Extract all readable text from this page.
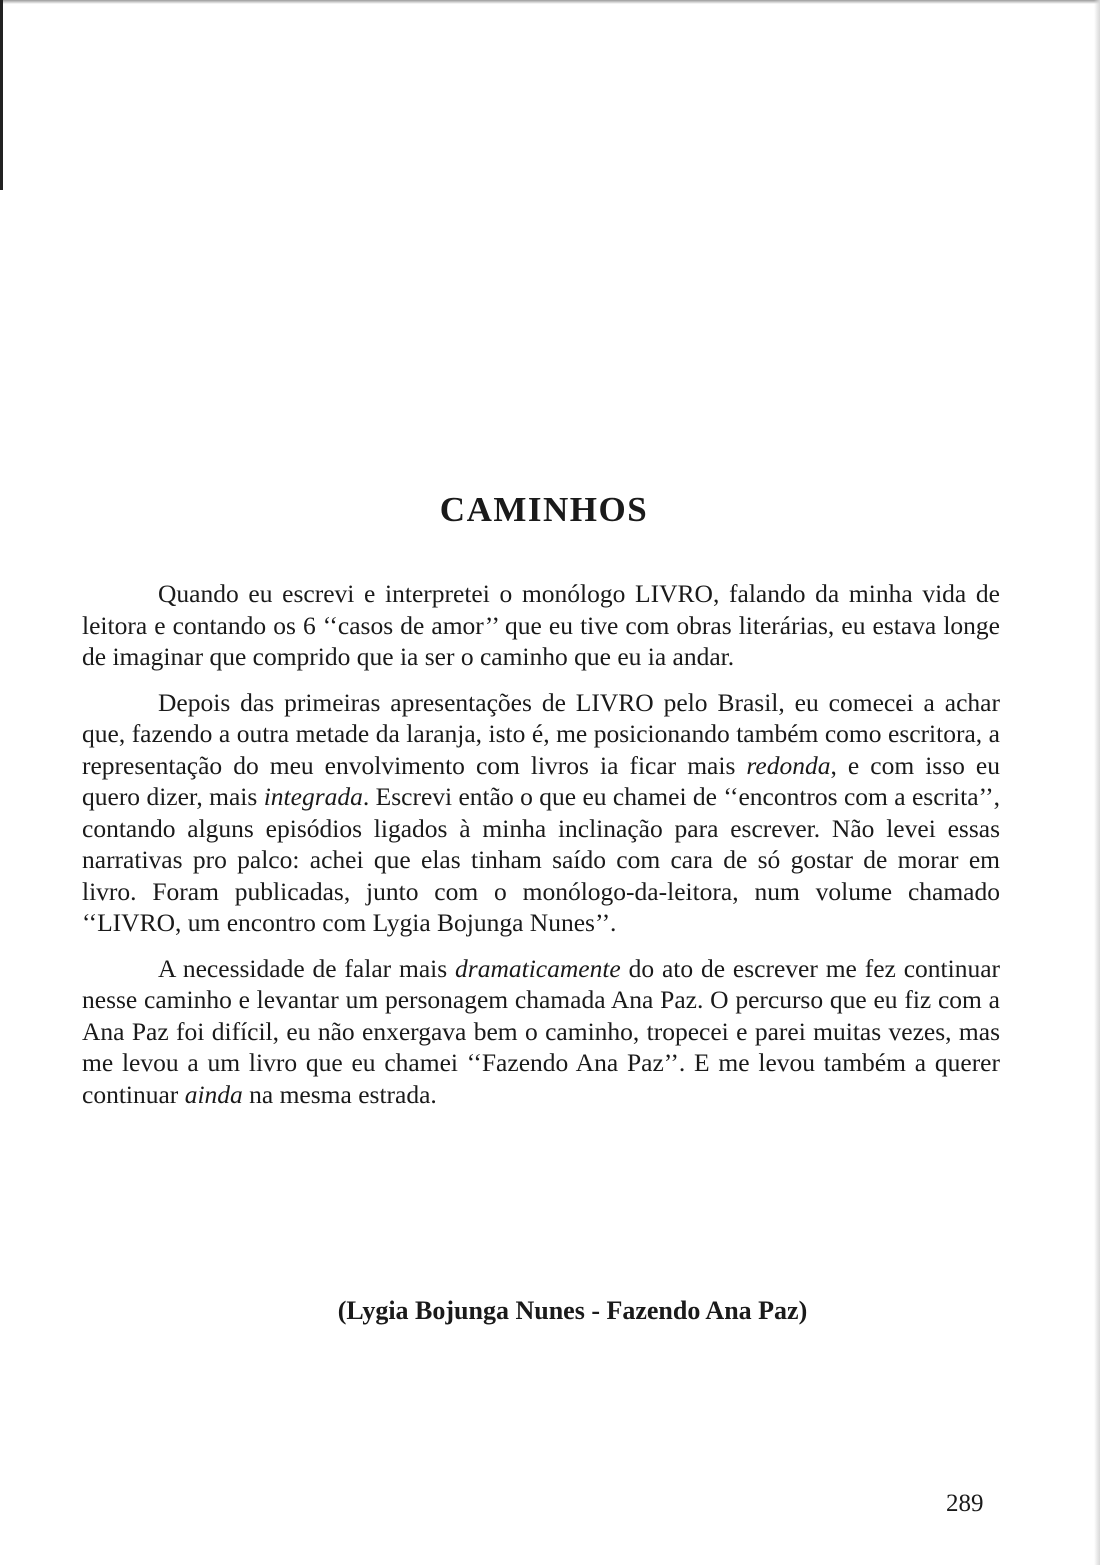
CAMINHOS

Quando eu escrevi e interpretei o monólogo LIVRO, falando da minha vida de leitora e contando os 6 ‘‘casos de amor’’ que eu tive com obras literárias, eu estava longe de imaginar que comprido que ia ser o caminho que eu ia andar.

Depois das primeiras apresentações de LIVRO pelo Brasil, eu comecei a achar que, fazendo a outra metade da laranja, isto é, me posicionando também como escritora, a representação do meu envolvimento com livros ia ficar mais redonda, e com isso eu quero dizer, mais integrada. Escrevi então o que eu chamei de ‘‘encontros com a escrita’’, contando alguns episódios ligados à minha inclinação para escrever. Não levei essas narrativas pro palco: achei que elas tinham saído com cara de só gostar de morar em livro. Foram publicadas, junto com o monólogo-da-leitora, num volume chamado ‘‘LIVRO, um encontro com Lygia Bojunga Nunes’’.

A necessidade de falar mais dramaticamente do ato de escrever me fez continuar nesse caminho e levantar um personagem chamada Ana Paz. O percurso que eu fiz com a Ana Paz foi difícil, eu não enxergava bem o caminho, tropecei e parei muitas vezes, mas me levou a um livro que eu chamei ‘‘Fazendo Ana Paz’’. E me levou também a querer continuar ainda na mesma estrada.

(Lygia Bojunga Nunes - Fazendo Ana Paz)

289
